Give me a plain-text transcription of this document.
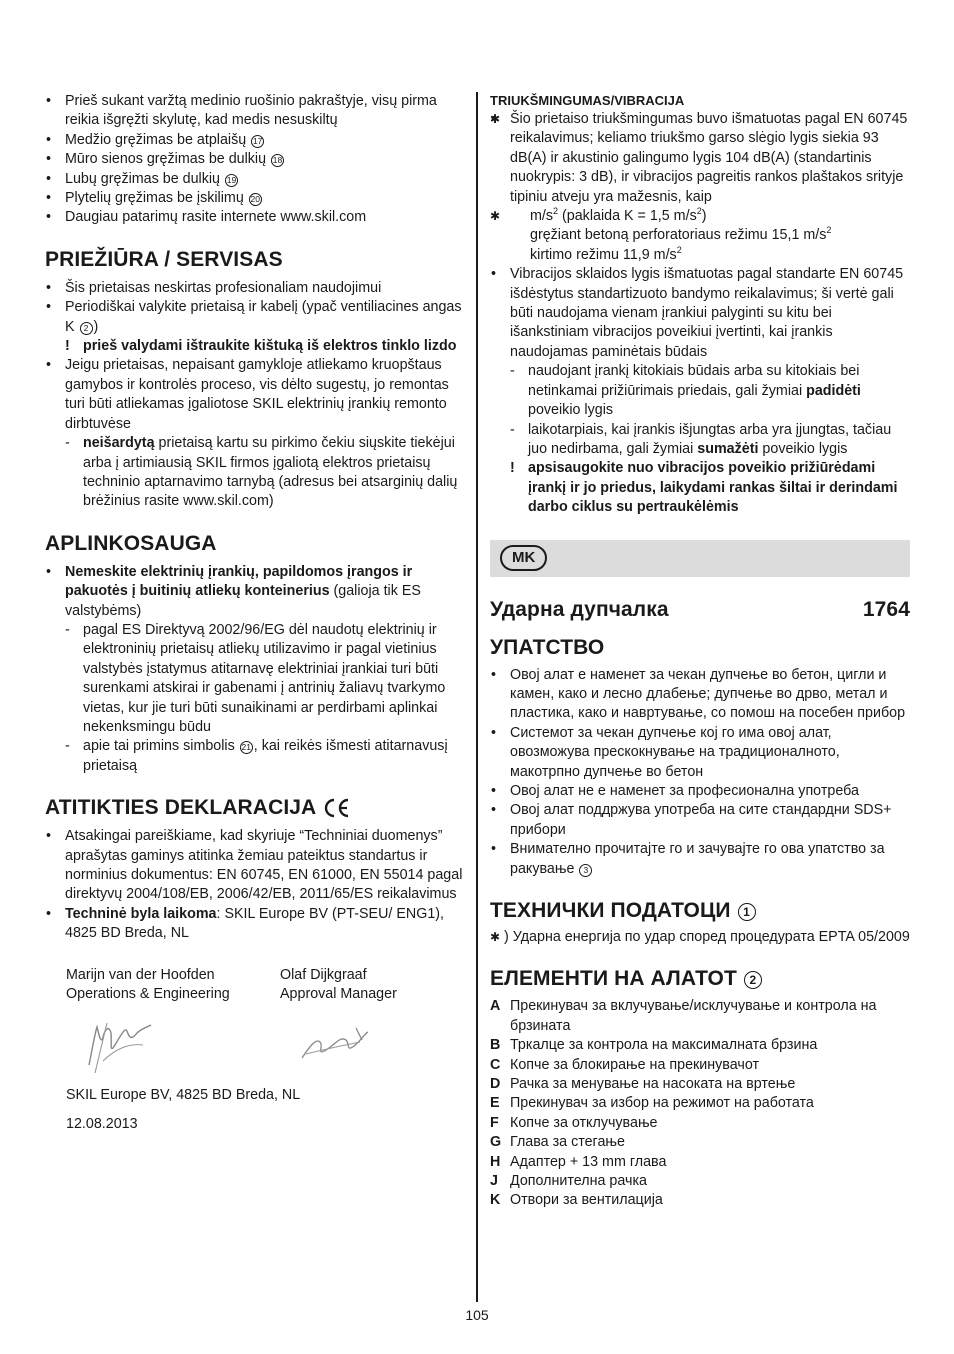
• Prieš sukant varžtą medinio ruošinio pakraštyje, visų pirma reikia išgręžti skylutę, kad medis nesuskiltų
• Medžio gręžimas be atplaišų 17
• Mūro sienos gręžimas be dulkių 18
• Lubų gręžimas be dulkių 19
• Plytelių gręžimas be įskilimų 20
• Daugiau patarimų rasite internete www.skil.com
PRIEŽIŪRA / SERVISAS
• Šis prietaisas neskirtas profesionaliam naudojimui
• Periodiškai valykite prietaisą ir kabelį (ypač ventiliacines angas K 2 )
! prieš valydami ištraukite kištuką iš elektros tinklo lizdo
• Jeigu prietaisas, nepaisant gamykloje atliekamo kruopštaus gamybos ir kontrolės proceso, vis dėlto sugestų, jo remontas turi būti atliekamas įgaliotose SKIL elektrinių įrankių remonto dirbtuvėse
- neišardytą prietaisą kartu su pirkimo čekiu siųskite tiekėjui arba į artimiausią SKIL firmos įgaliotą elektros prietaisų techninio aptarnavimo tarnybą (adresus bei atsarginių dalių brėžinius rasite www.skil.com)
APLINKOSAUGA
• Nemeskite elektrinių įrankių, papildomos įrangos ir pakuotės į buitinių atliekų konteinerius (galioja tik ES valstybėms)
- pagal ES Direktyvą 2002/96/EG dėl naudotų elektrinių ir elektroninių prietaisų atliekų utilizavimo ir pagal vietinius valstybės įstatymus atitarnavę elektriniai įrankiai turi būti surenkami atskirai ir gabenami į antrinių žaliavų tvarkymo vietas, kur jie turi būti sunaikinami ar perdirbami aplinkai nekenksmingu būdu
- apie tai primins simbolis 21 , kai reikės išmesti atitarnavusį prietaisą
ATITIKTIES DEKLARACIJA
• Atsakingai pareiškiame, kad skyriuje “Techniniai duomenys” aprašytas gaminys atitinka žemiau pateiktus standartus ir norminius dokumentus: EN 60745, EN 61000, EN 55014 pagal direktyvų 2004/108/EB, 2006/42/EB, 2011/65/ES reikalavimus
• Techninė byla laikoma: SKIL Europe BV (PT-SEU/ ENG1), 4825 BD Breda, NL
Marijn van der Hoofden
Operations & Engineering
Olaf Dijkgraaf
Approval Manager
SKIL Europe BV, 4825 BD Breda, NL
12.08.2013
TRIUKŠMINGUMAS/VIBRACIJA
• Šio prietaiso triukšmingumas buvo išmatuotas pagal EN 60745 reikalavimus; keliamo triukšmo garso slėgio lygis siekia 93 dB(A) ir akustinio galingumo lygis 104 dB(A) (standartinis nuokrypis: 3 dB), ir vibracijos pagreitis rankos plaštakos srityje tipiniu atveju yra mažesnis, kaip
✱ $m/s^2$ (paklaida K = 1,5 $m/s^2$)
✱ gręžiant betoną perforatoriaus režimu 15,1 $m/s^2$
✱ kirtimo režimu 11,9 $m/s^2$
• Vibracijos sklaidos lygis išmatuotas pagal standarte EN 60745 išdėstytus standartizuoto bandymo reikalavimus; ši vertė gali būti naudojama vienam įrankiui palyginti su kitu bei išankstiniam vibracijos poveikiui įvertinti, kai įrankis naudojamas paminėtais būdais
- naudojant įrankį kitokiais būdais arba su kitokiais bei netinkamai prižiūrimais priedais, gali žymiai padidėti poveikio lygis
- laikotarpiais, kai įrankis išjungtas arba yra įjungtas, tačiau juo nedirbama, gali žymiai sumažėti poveikio lygis
! apsisaugokite nuo vibracijos poveikio prižiūrėdami įrankį ir jo priedus, laikydami rankas šiltai ir derindami darbo ciklus su pertraukėlėmis
MK
Ударна дупчалка	1764
УПАТСТВО
• Овој алат е наменет за чекан дупчење во бетон, цигли и камен, како и лесно длабење; дупчење во дрво, метал и пластика, како и навртување, со помош на посебен прибор
• Системот за чекан дупчење кој го има овој алат, овозможува прескокнување на традиционалното, макотрпно дупчење во бетон
• Овој алат не е наменет за професионална употреба
• Овој алат поддржува употреба на сите стандардни SDS+ прибори
• Внимателно прочитајте го и зачувајте го ова упатство за ракување 3
ТЕХНИЧКИ ПОДАТОЦИ 1
✱ ) Ударна енергија по удар според процедурата EPTA 05/2009
ЕЛЕМЕНТИ НА АЛАТОТ 2
A Прекинувач за вклучување/исклучување и контрола на брзината
B Тркалце за контрола на максималната брзина
C Копче за блокирање на прекинувачот
D Рачка за менување на насоката на вртење
E Прекинувач за избор на режимот на работата
F Копче за отклучување
G Глава за стегање
H Адаптер + 13 mm глава
J Дополнителна рачка
K Отвори за вентилација
105
